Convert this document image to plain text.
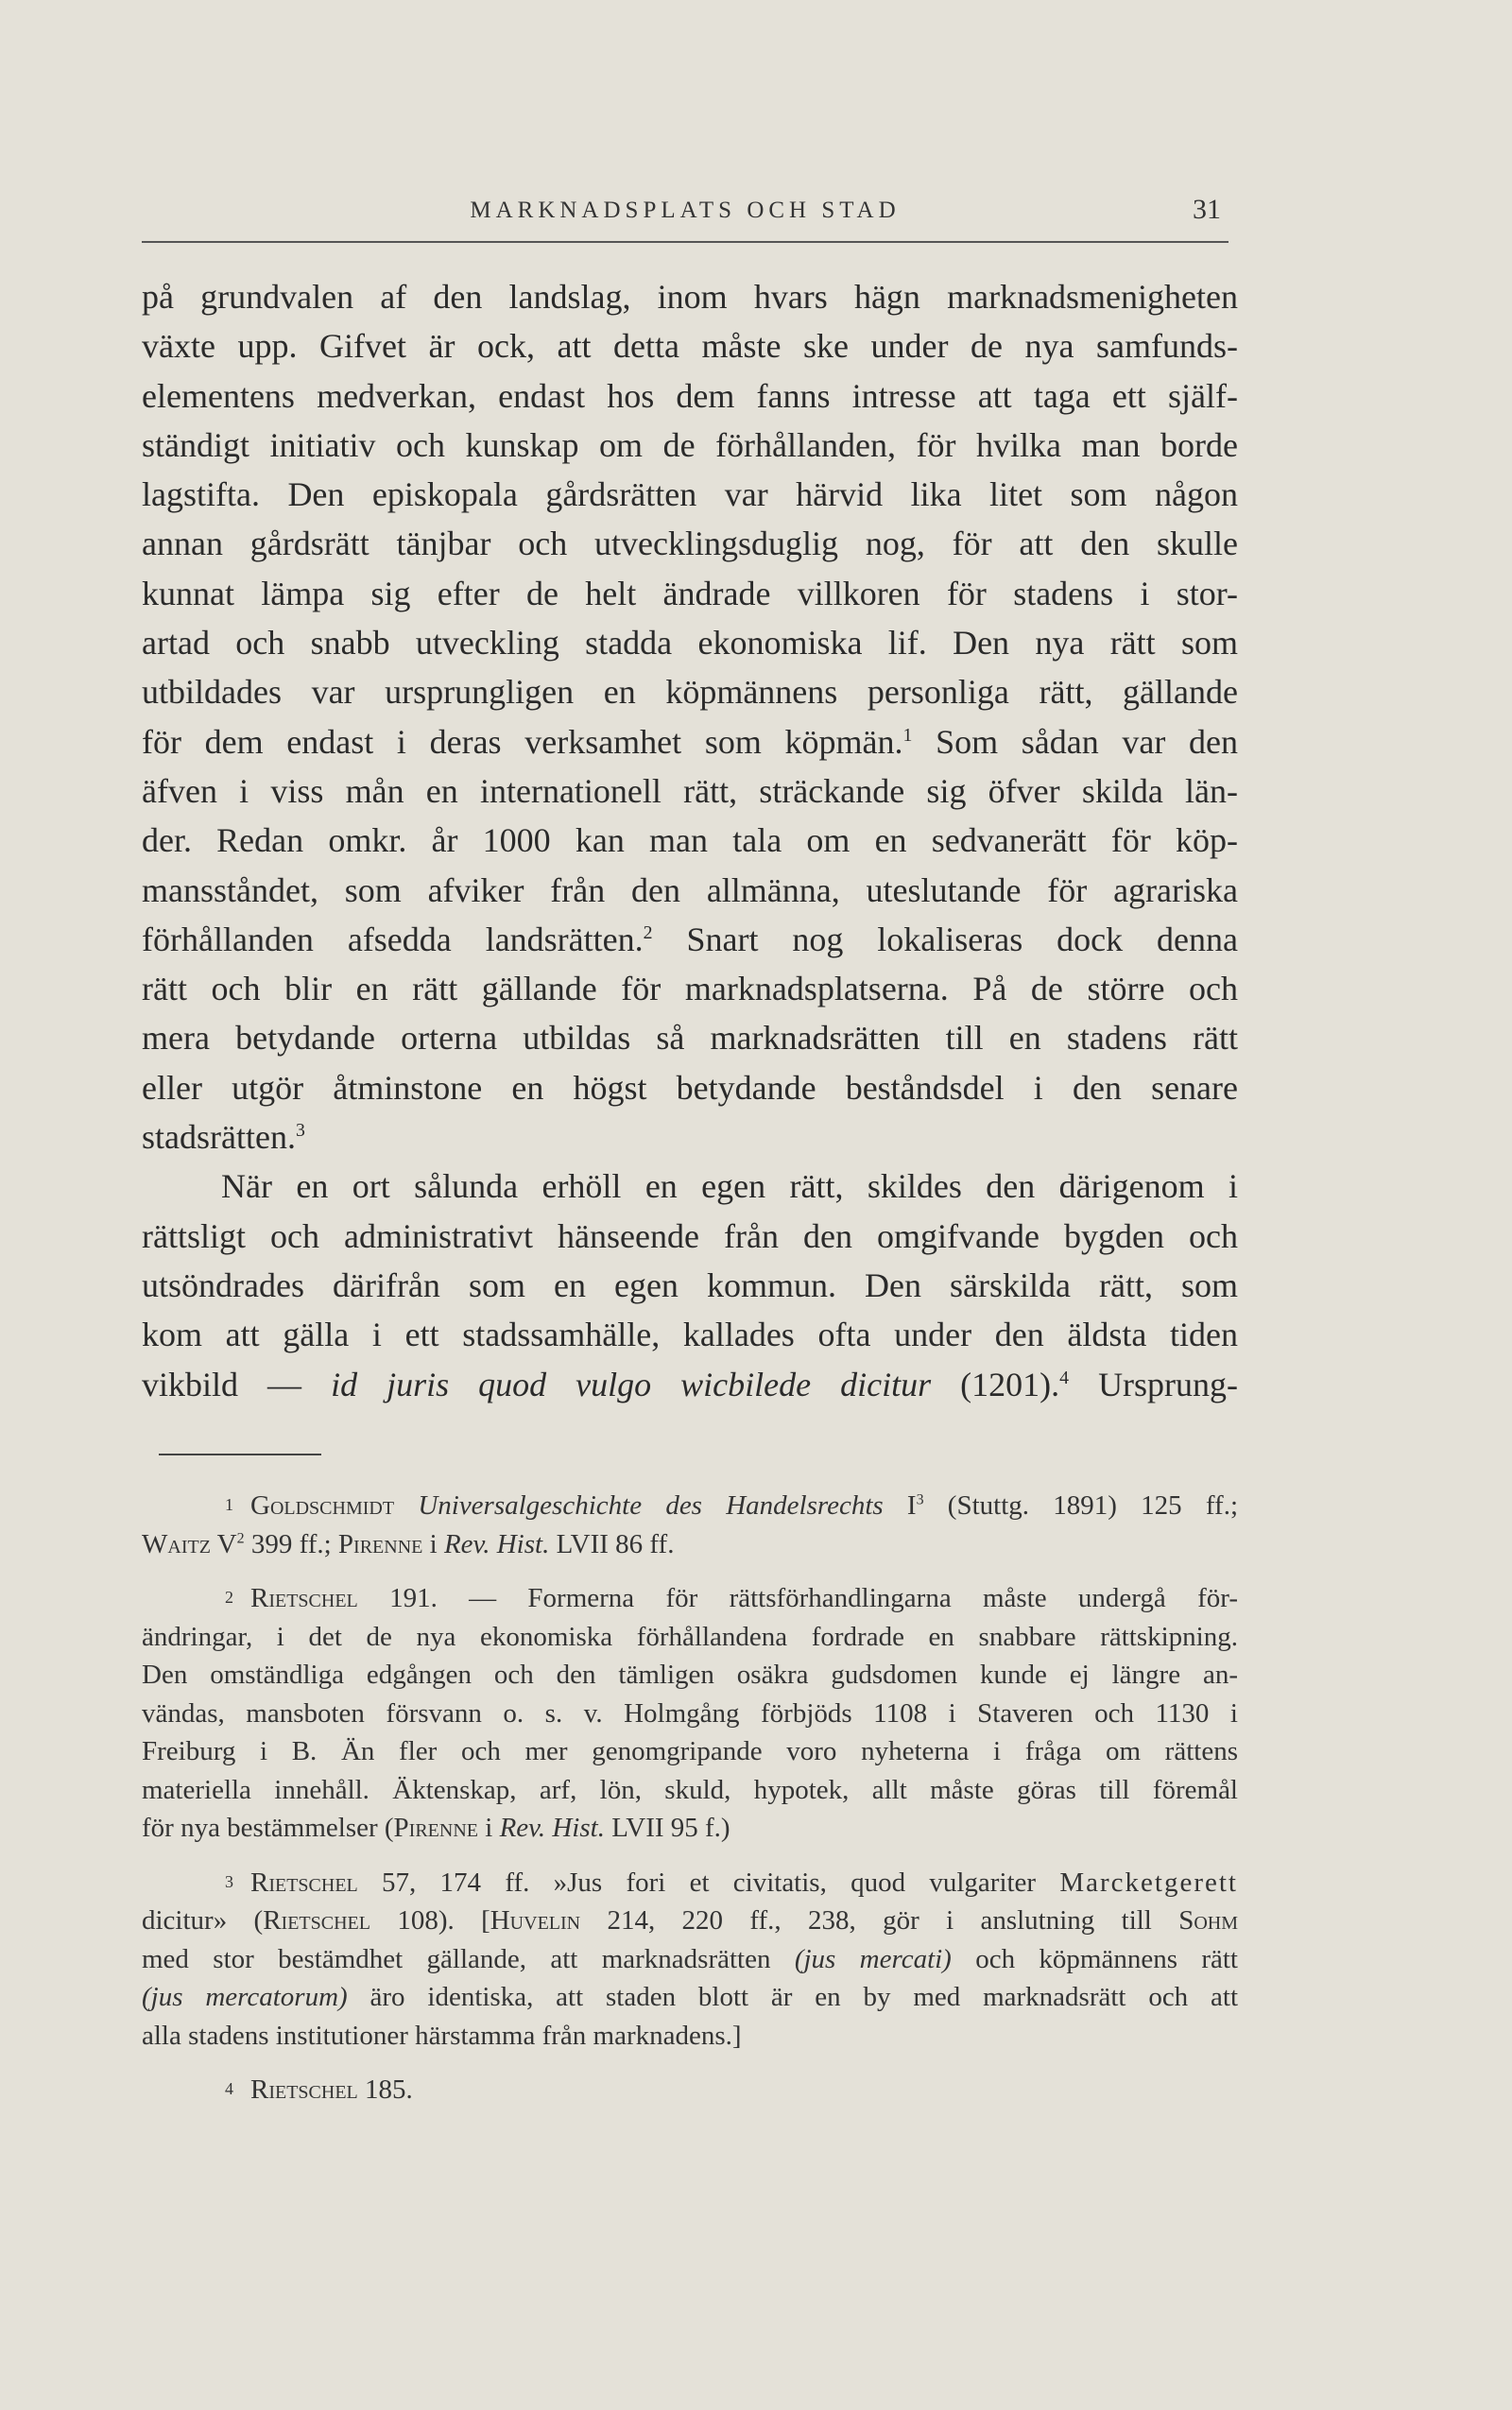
MARKNADSPLATS OCH STAD	31

på grundvalen af den landslag, inom hvars hägn marknadsmenigheten
växte upp. Gifvet är ock, att detta måste ske under de nya samfunds-
elementens medverkan, endast hos dem fanns intresse att taga ett själf-
ständigt initiativ och kunskap om de förhållanden, för hvilka man borde
lagstifta. Den episkopala gårdsrätten var härvid lika litet som någon
annan gårdsrätt tänjbar och utvecklingsduglig nog, för att den skulle
kunnat lämpa sig efter de helt ändrade villkoren för stadens i stor-
artad och snabb utveckling stadda ekonomiska lif. Den nya rätt som
utbildades var ursprungligen en köpmännens personliga rätt, gällande
för dem endast i deras verksamhet som köpmän.$^1$ Som sådan var den
äfven i viss mån en internationell rätt, sträckande sig öfver skilda län-
der. Redan omkr. år 1000 kan man tala om en sedvanerätt för köp-
mansståndet, som afviker från den allmänna, uteslutande för agrariska
förhållanden afsedda landsrätten.$^2$ Snart nog lokaliseras dock denna
rätt och blir en rätt gällande för marknadsplatserna. På de större och
mera betydande orterna utbildas så marknadsrätten till en stadens rätt
eller utgör åtminstone en högst betydande beståndsdel i den senare
stadsrätten.$^3$

När en ort sålunda erhöll en egen rätt, skildes den därigenom i
rättsligt och administrativt hänseende från den omgifvande bygden och
utsöndrades därifrån som en egen kommun. Den särskilda rätt, som
kom att gälla i ett stadssamhälle, kallades ofta under den äldsta tiden
vikbild — id juris quod vulgo wicbilede dicitur (1201).$^4$ Ursprung-

1 Goldschmidt Universalgeschichte des Handelsrechts $I^3$ (Stuttg. 1891) 125 ff.;
Waitz $V^2$ 399 ff.; Pirenne i Rev. Hist. LVII 86 ff.
2 Rietschel 191. — Formerna för rättsförhandlingarna måste undergå för-
ändringar, i det de nya ekonomiska förhållandena fordrade en snabbare rättskipning.
Den omständliga edgången och den tämligen osäkra gudsdomen kunde ej längre an-
vändas, mansboten försvann o. s. v. Holmgång förbjöds 1108 i Staveren och 1130 i
Freiburg i B. Än fler och mer genomgripande voro nyheterna i fråga om rättens
materiella innehåll. Äktenskap, arf, lön, skuld, hypotek, allt måste göras till föremål
för nya bestämmelser (Pirenne i Rev. Hist. LVII 95 f.)
3 Rietschel 57, 174 ff. »Jus fori et civitatis, quod vulgariter Marcketgerett
dicitur» (Rietschel 108). [Huvelin 214, 220 ff., 238, gör i anslutning till Sohm
med stor bestämdhet gällande, att marknadsrätten (jus mercati) och köpmännens rätt
(jus mercatorum) äro identiska, att staden blott är en by med marknadsrätt och att
alla stadens institutioner härstamma från marknadens.]
4 Rietschel 185.
